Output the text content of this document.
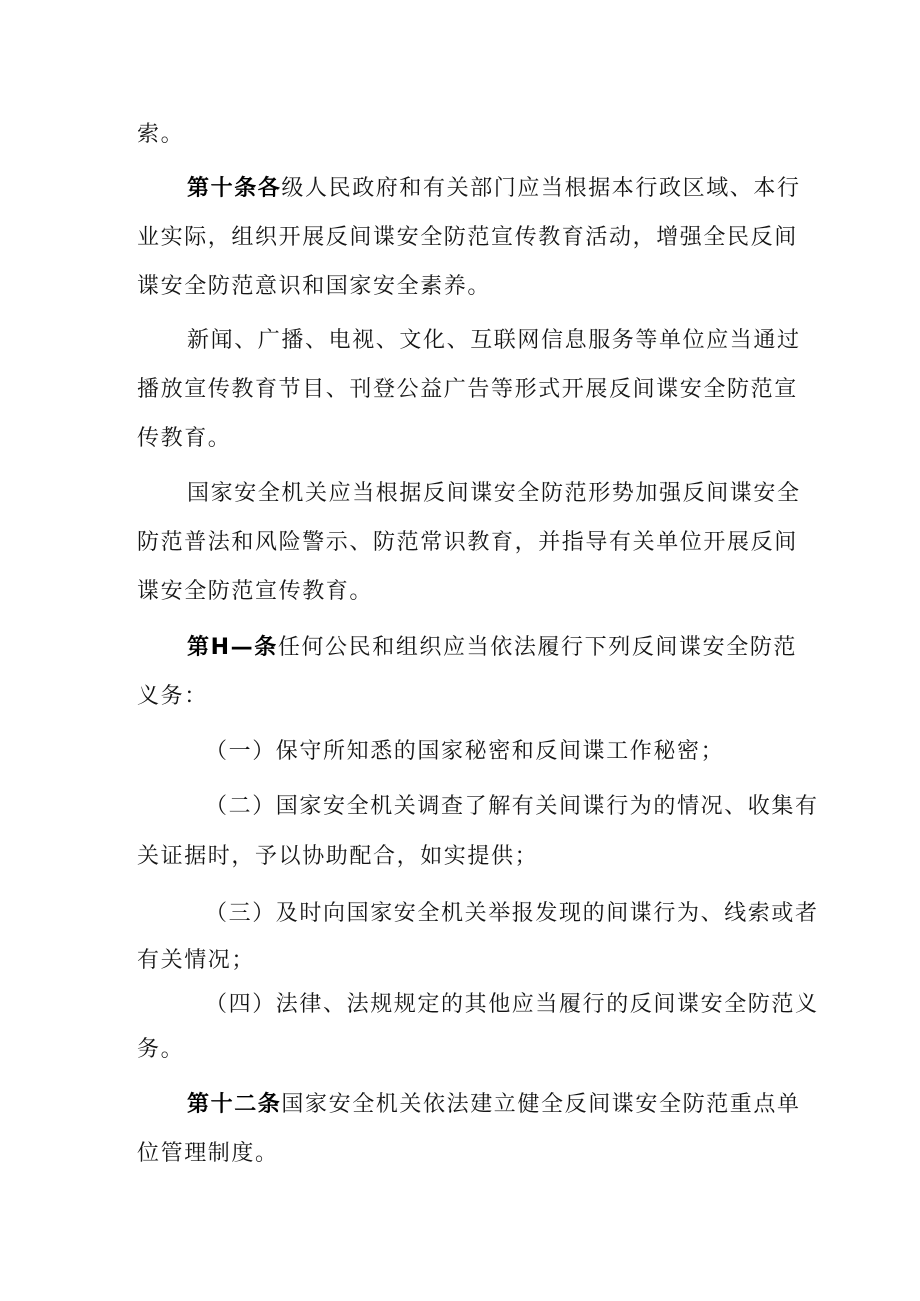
索。
第十条各级人民政府和有关部门应当根据本行政区域、本行
业实际，组织开展反间谍安全防范宣传教育活动，增强全民反间
谍安全防范意识和国家安全素养。
新闻、广播、电视、文化、互联网信息服务等单位应当通过
播放宣传教育节目、刊登公益广告等形式开展反间谍安全防范宣
传教育。
国家安全机关应当根据反间谍安全防范形势加强反间谍安全
防范普法和风险警示、防范常识教育，并指导有关单位开展反间
谍安全防范宣传教育。
第H—条任何公民和组织应当依法履行下列反间谍安全防范
义务：
（一）保守所知悉的国家秘密和反间谍工作秘密；
（二）国家安全机关调查了解有关间谍行为的情况、收集有
关证据时，予以协助配合，如实提供；
（三）及时向国家安全机关举报发现的间谍行为、线索或者
有关情况；
（四）法律、法规规定的其他应当履行的反间谍安全防范义
务。
第十二条国家安全机关依法建立健全反间谍安全防范重点单
位管理制度。
